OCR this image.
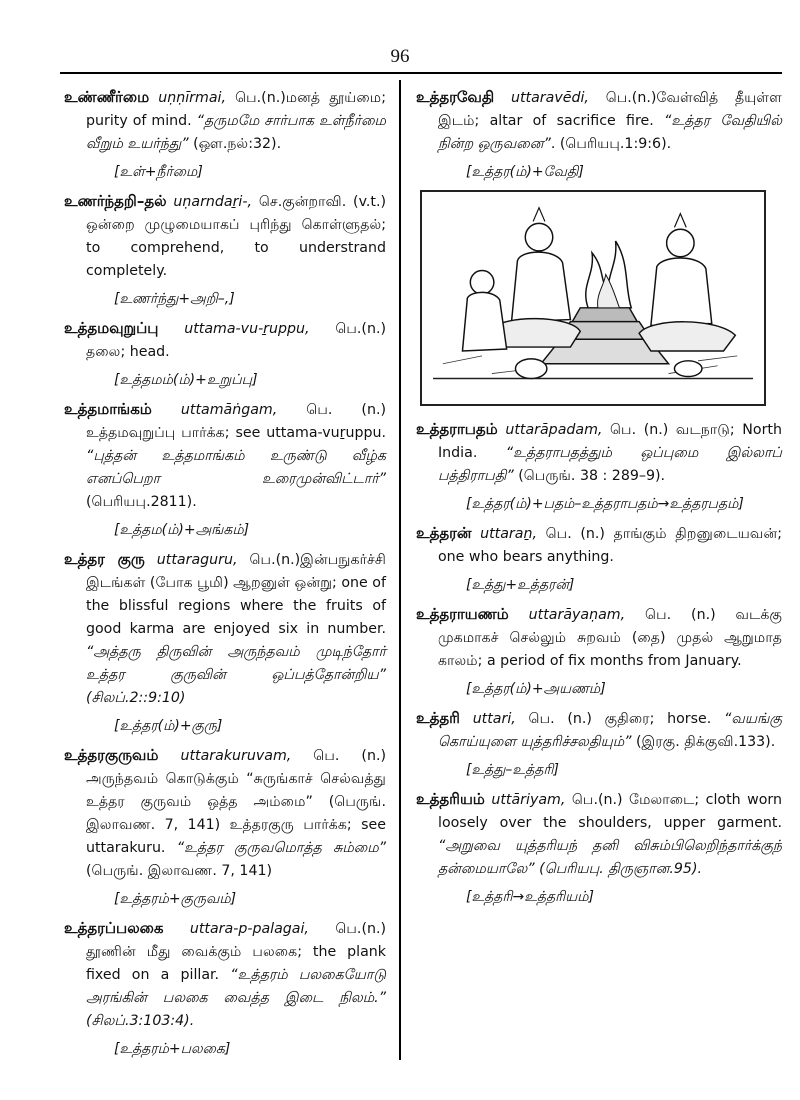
96

உண்ணீர்மை uṇṇīrmai, பெ.(n.)மனத் தூய்மை; purity of mind. “தருமமே சார்பாக உள்நீர்மை வீறும் உயர்ந்து” (ஔ.நல்:32).

[உள்+நீர்மை]

உணர்ந்தறி–தல் uṇarndaṟi-, செ.குன்றாவி. (v.t.) ஒன்றை முழுமையாகப் புரிந்து கொள்ளுதல்; to comprehend, to understrand completely.

[உணர்ந்து+அறி–,]

உத்தமவுறுப்பு uttama-vu-ṟuppu, பெ.(n.) தலை; head.

[உத்தமம்(ம்)+உறுப்பு]

உத்தமாங்கம் uttamāṅgam, பெ. (n.) உத்தமவுறுப்பு பார்க்க; see uttama-vuṟuppu. “புத்தன் உத்தமாங்கம் உருண்டு வீழ்க எனப்பெறா உரைமுன்விட்டார்” (பெரியபு.2811).

[உத்தம(ம்)+அங்கம்]

உத்தர குரு uttaraguru, பெ.(n.)இன்பநுகர்ச்சி இடங்கள் (போக பூமி) ஆறனுள் ஒன்று; one of the blissful regions where the fruits of good karma are enjoyed six in number. “அத்தரு திருவின் அருந்தவம் முடிந்தோர் உத்தர குருவின் ஒப்பத்தோன்றிய” (சிலப்.2::9:10)

[உத்தர(ம்)+குரு]

உத்தரகுருவம் uttarakuruvam, பெ. (n.) அருந்தவம் கொடுக்கும் “சுருங்காச் செல்வத்து உத்தர குருவம் ஒத்த அம்மை” (பெருங். இலாவண. 7, 141) உத்தரகுரு பார்க்க; see uttarakuru. “உத்தர குருவமொத்த சும்மை” (பெருங். இலாவண. 7, 141)

[உத்தரம்+குருவம்]

உத்தரப்பலகை uttara-p-palagai, பெ.(n.) தூணின் மீது வைக்கும் பலகை; the plank fixed on a pillar. “உத்தரம் பலகையோடு அரங்கின் பலகை வைத்த இடை நிலம்.” (சிலப்.3:103:4).

[உத்தரம்+பலகை]

உத்தரவேதி uttaravēdi, பெ.(n.)வேள்வித் தீயுள்ள இடம்; altar of sacrifice fire. “உத்தர வேதியில் நின்ற ஒருவனை”. (பெரியபு.1:9:6).

[உத்தர(ம்)+வேதி]

உத்தராபதம் uttarāpadam, பெ. (n.) வடநாடு; North India. “உத்தராபதத்தும் ஒப்புமை இல்லாப் பத்திராபதி” (பெருங். 38 : 289–9).

[உத்தர(ம்)+பதம்–உத்தராபதம்→உத்தரபதம்]

உத்தரன் uttaraṉ, பெ. (n.) தாங்கும் திறனுடையவன்; one who bears anything.

[உத்து+உத்தரன்]

உத்தராயணம் uttarāyaṇam, பெ. (n.) வடக்கு முகமாகச் செல்லும் சுறவம் (தை) முதல் ஆறுமாத காலம்; a period of fix months from January.

[உத்தர(ம்)+அயணம்]

உத்தரி uttari, பெ. (n.) குதிரை; horse. “வயங்கு கொய்யுளை யுத்தரிச்சலதியும்” (இரகு. திக்குவி.133).

[உத்து–உத்தரி]

உத்தரியம் uttāriyam, பெ.(n.) மேலாடை; cloth worn loosely over the shoulders, upper garment. “அறுவை யுத்தரியந் தனி விசும்பிலெறிந்தார்க்குந் தன்மையாலே” (பெரியபு. திருஞான.95).

[உத்தரி→உத்தரியம்]
